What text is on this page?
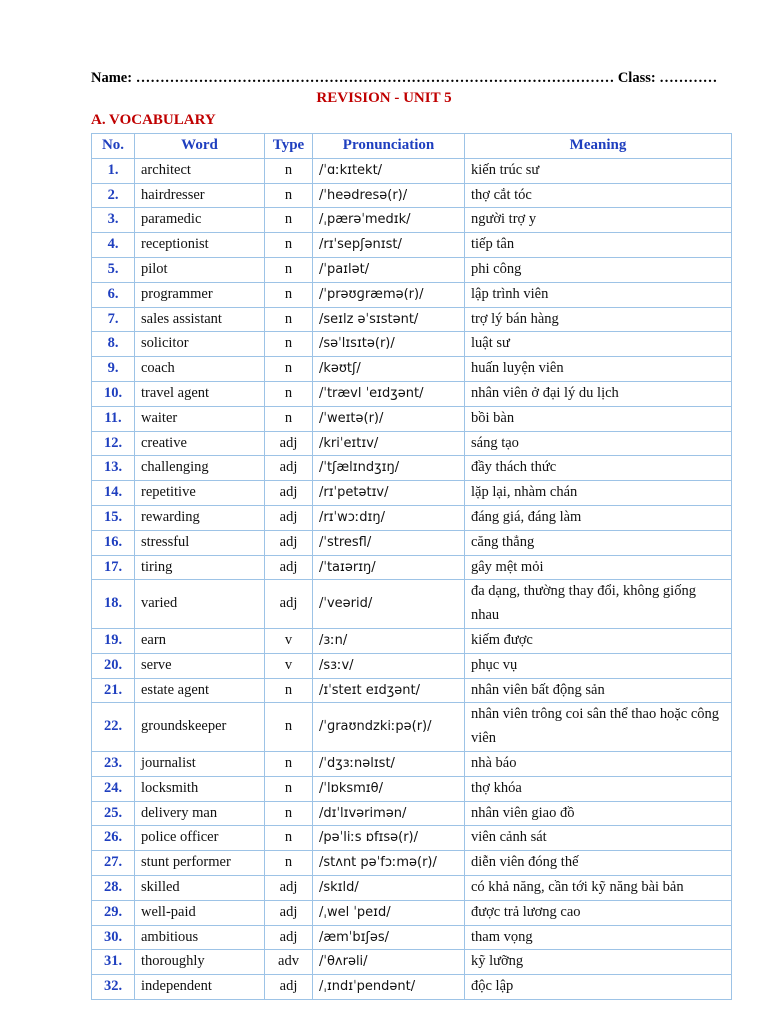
Name: ……………………………………………………………………………………… Class: …………
REVISION - UNIT 5
A. VOCABULARY
No.	Word	Type	Pronunciation	Meaning
1.	architect	n	/ˈɑːkɪtekt/	kiến trúc sư
2.	hairdresser	n	/ˈheədresə(r)/	thợ cắt tóc
3.	paramedic	n	/ˌpærəˈmedɪk/	người trợ y
4.	receptionist	n	/rɪˈsepʃənɪst/	tiếp tân
5.	pilot	n	/ˈpaɪlət/	phi công
6.	programmer	n	/ˈprəʊɡræmə(r)/	lập trình viên
7.	sales assistant	n	/seɪlz əˈsɪstənt/	trợ lý bán hàng
8.	solicitor	n	/səˈlɪsɪtə(r)/	luật sư
9.	coach	n	/kəʊtʃ/	huấn luyện viên
10.	travel agent	n	/ˈtrævl ˈeɪdʒənt/	nhân viên ở đại lý du lịch
11.	waiter	n	/ˈweɪtə(r)/	bồi bàn
12.	creative	adj	/kriˈeɪtɪv/	sáng tạo
13.	challenging	adj	/ˈtʃælɪndʒɪŋ/	đầy thách thức
14.	repetitive	adj	/rɪˈpetətɪv/	lặp lại, nhàm chán
15.	rewarding	adj	/rɪˈwɔːdɪŋ/	đáng giá, đáng làm
16.	stressful	adj	/ˈstresfl/	căng thẳng
17.	tiring	adj	/ˈtaɪərɪŋ/	gây mệt mỏi
18.	varied	adj	/ˈveərid/	đa dạng, thường thay đổi, không giống nhau
19.	earn	v	/ɜːn/	kiếm được
20.	serve	v	/sɜːv/	phục vụ
21.	estate agent	n	/ɪˈsteɪt eɪdʒənt/	nhân viên bất động sản
22.	groundskeeper	n	/ˈɡraʊndzkiːpə(r)/	nhân viên trông coi sân thể thao hoặc công viên
23.	journalist	n	/ˈdʒɜːnəlɪst/	nhà báo
24.	locksmith	n	/ˈlɒksmɪθ/	thợ khóa
25.	delivery man	n	/dɪˈlɪvərimən/	nhân viên giao đồ
26.	police officer	n	/pəˈliːs ɒfɪsə(r)/	viên cảnh sát
27.	stunt performer	n	/stʌnt pəˈfɔːmə(r)/	diễn viên đóng thế
28.	skilled	adj	/skɪld/	có khả năng, cần tới kỹ năng bài bản
29.	well-paid	adj	/ˌwel ˈpeɪd/	được trả lương cao
30.	ambitious	adj	/æmˈbɪʃəs/	tham vọng
31.	thoroughly	adv	/ˈθʌrəli/	kỹ lưỡng
32.	independent	adj	/ˌɪndɪˈpendənt/	độc lập
